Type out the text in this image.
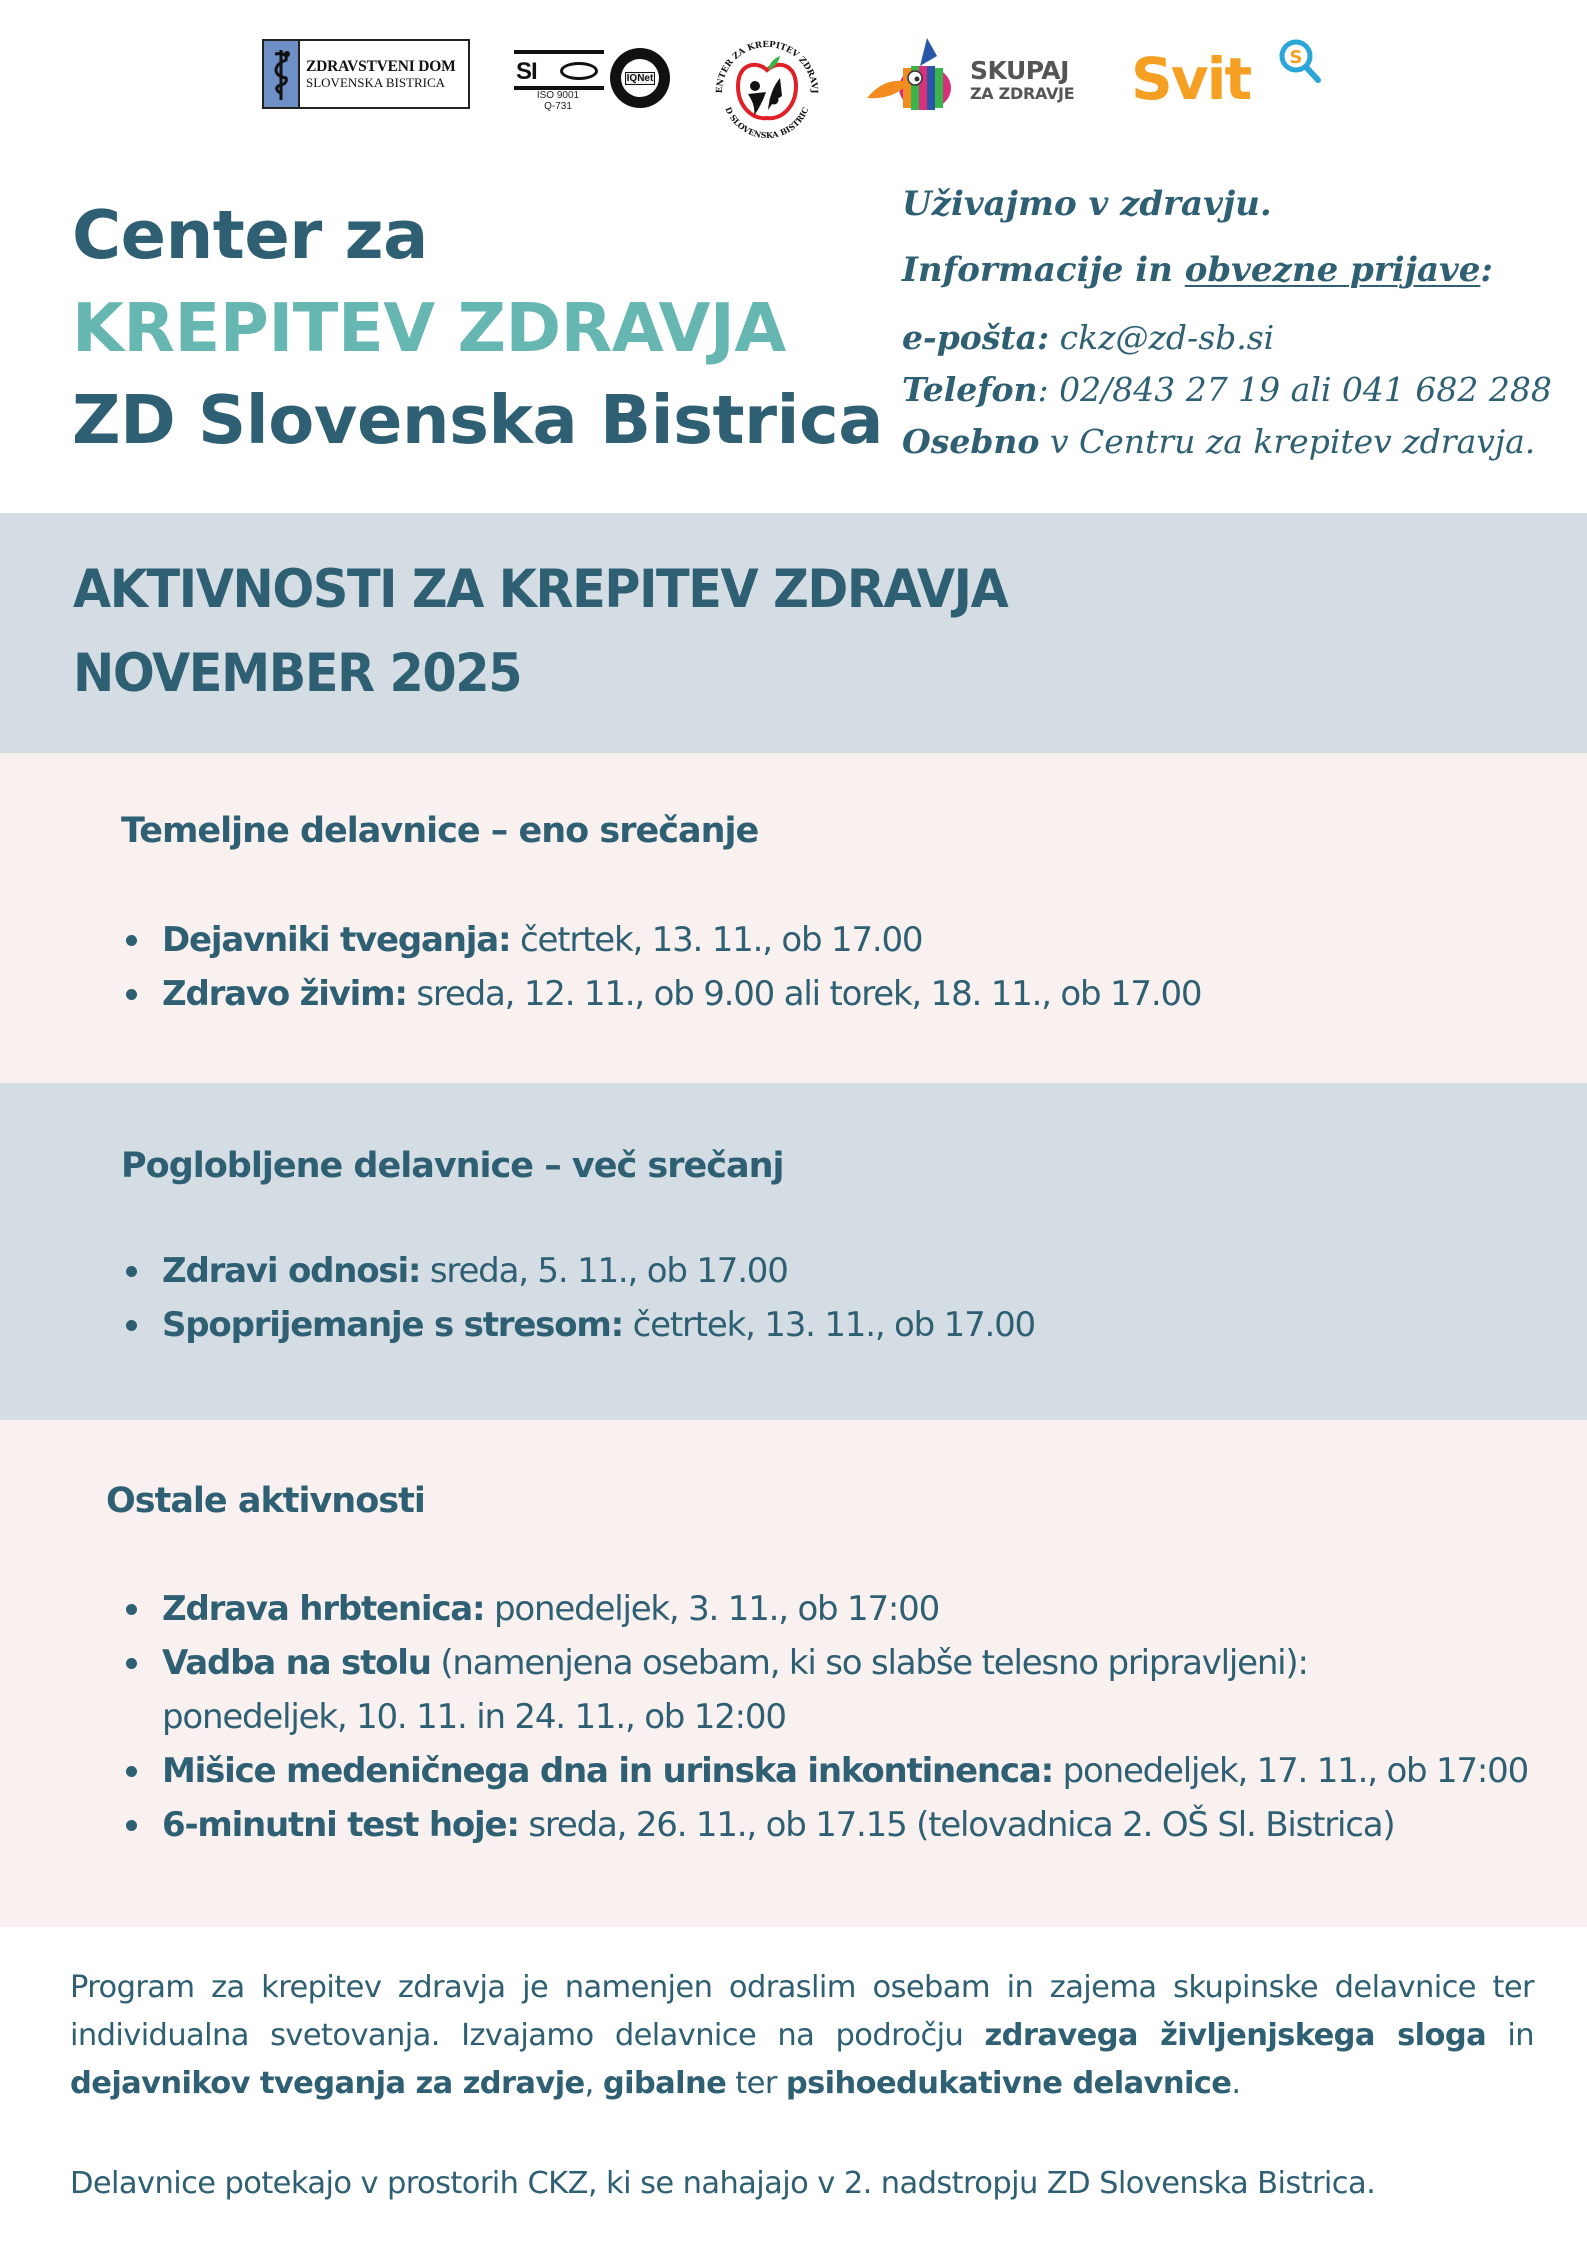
ZDRAVSTVENI DOM
SLOVENSKA BISTRICA	SI
ISO 9001
Q-731
IQNet
ENTER ZA KREPITEV ZDRAVJ
D SLOVENSKA BISTRIC
SKUPAJ
ZA ZDRAVJE Svit S
Center za
KREPITEV ZDRAVJA
ZD Slovenska Bistrica
Uživajmo v zdravju.
Informacije in obvezne prijave:
e-pošta: ckz@zd-sb.si
Telefon: 02/843 27 19 ali 041 682 288
Osebno v Centru za krepitev zdravja.
AKTIVNOSTI ZA KREPITEV ZDRAVJA
NOVEMBER 2025
Temeljne delavnice – eno srečanje
Dejavniki tveganja: četrtek, 13. 11., ob 17.00
Zdravo živim: sreda, 12. 11., ob 9.00 ali torek, 18. 11., ob 17.00
Poglobljene delavnice – več srečanj
Zdravi odnosi: sreda, 5. 11., ob 17.00
Spoprijemanje s stresom: četrtek, 13. 11., ob 17.00
Ostale aktivnosti
Zdrava hrbtenica: ponedeljek, 3. 11., ob 17:00
Vadba na stolu (namenjena osebam, ki so slabše telesno pripravljeni):
ponedeljek, 10. 11. in 24. 11., ob 12:00
Mišice medeničnega dna in urinska inkontinenca: ponedeljek, 17. 11., ob 17:00
6-minutni test hoje: sreda, 26. 11., ob 17.15 (telovadnica 2. OŠ Sl. Bistrica)

Program za krepitev zdravja je namenjen odraslim osebam in zajema skupinske delavnice ter individualna svetovanja. Izvajamo delavnice na področju zdravega življenjskega sloga in dejavnikov tveganja za zdravje, gibalne ter psihoedukativne delavnice.

Delavnice potekajo v prostorih CKZ, ki se nahajajo v 2. nadstropju ZD Slovenska Bistrica.
